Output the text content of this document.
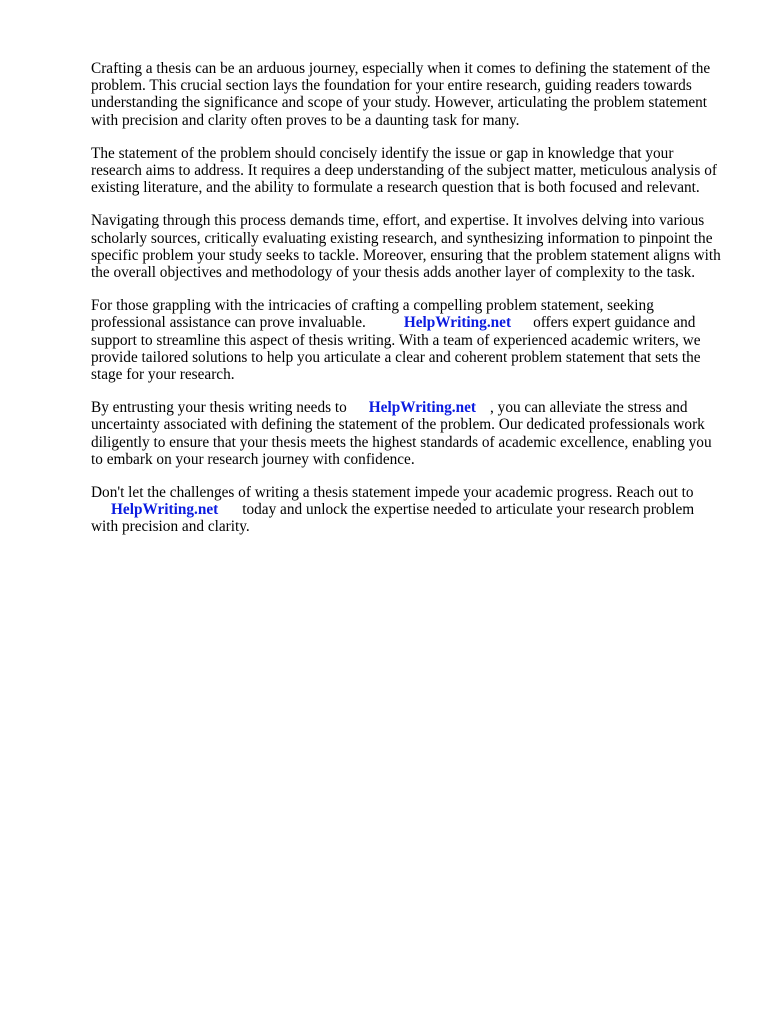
Crafting a thesis can be an arduous journey, especially when it comes to defining the statement of the problem. This crucial section lays the foundation for your entire research, guiding readers towards understanding the significance and scope of your study. However, articulating the problem statement with precision and clarity often proves to be a daunting task for many.

The statement of the problem should concisely identify the issue or gap in knowledge that your research aims to address. It requires a deep understanding of the subject matter, meticulous analysis of existing literature, and the ability to formulate a research question that is both focused and relevant.

Navigating through this process demands time, effort, and expertise. It involves delving into various scholarly sources, critically evaluating existing research, and synthesizing information to pinpoint the specific problem your study seeks to tackle. Moreover, ensuring that the problem statement aligns with the overall objectives and methodology of your thesis adds another layer of complexity to the task.

For those grappling with the intricacies of crafting a compelling problem statement, seeking professional assistance can prove invaluable. HelpWriting.net offers expert guidance and support to streamline this aspect of thesis writing. With a team of experienced academic writers, we provide tailored solutions to help you articulate a clear and coherent problem statement that sets the stage for your research.

By entrusting your thesis writing needs to HelpWriting.net , you can alleviate the stress and uncertainty associated with defining the statement of the problem. Our dedicated professionals work diligently to ensure that your thesis meets the highest standards of academic excellence, enabling you to embark on your research journey with confidence.

Don't let the challenges of writing a thesis statement impede your academic progress. Reach out to HelpWriting.net today and unlock the expertise needed to articulate your research problem with precision and clarity.
